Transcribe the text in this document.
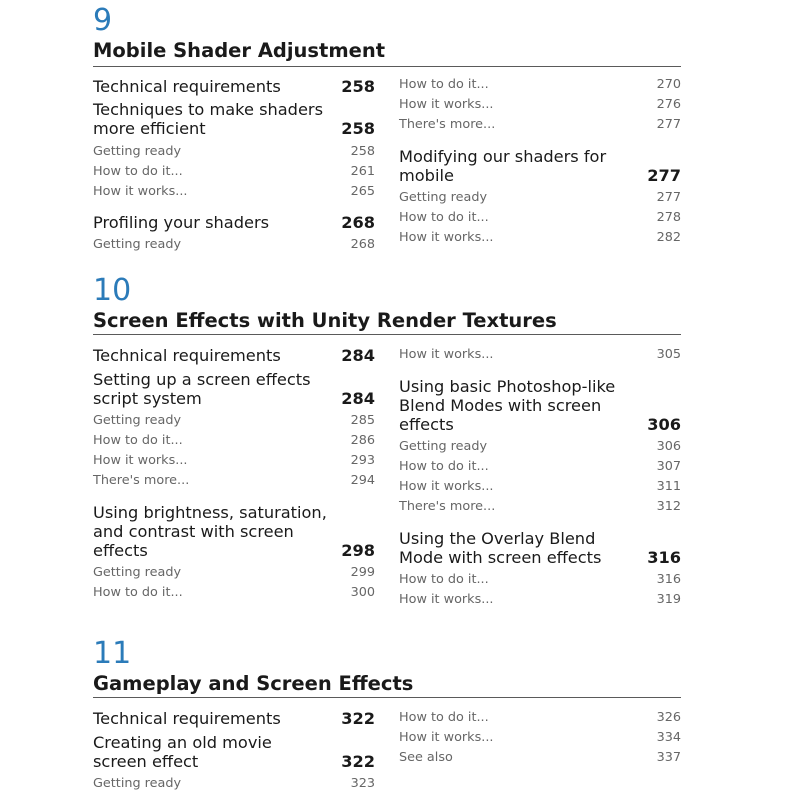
9
Mobile Shader Adjustment
Technical requirements	258
Techniques to make shaders more efficient	258
Getting ready	258
How to do it...	261
How it works...	265
Profiling your shaders	268
Getting ready	268
How to do it...	270
How it works...	276
There's more...	277
Modifying our shaders for mobile	277
Getting ready	277
How to do it...	278
How it works...	282
10
Screen Effects with Unity Render Textures
Technical requirements	284
Setting up a screen effects script system	284
Getting ready	285
How to do it...	286
How it works...	293
There's more...	294
Using brightness, saturation, and contrast with screen effects	298
Getting ready	299
How to do it...	300
How it works...	305
Using basic Photoshop-like Blend Modes with screen effects	306
Getting ready	306
How to do it...	307
How it works...	311
There's more...	312
Using the Overlay Blend Mode with screen effects	316
How to do it...	316
How it works...	319
11
Gameplay and Screen Effects
Technical requirements	322
Creating an old movie screen effect	322
Getting ready	323
How to do it...	326
How it works...	334
See also	337
